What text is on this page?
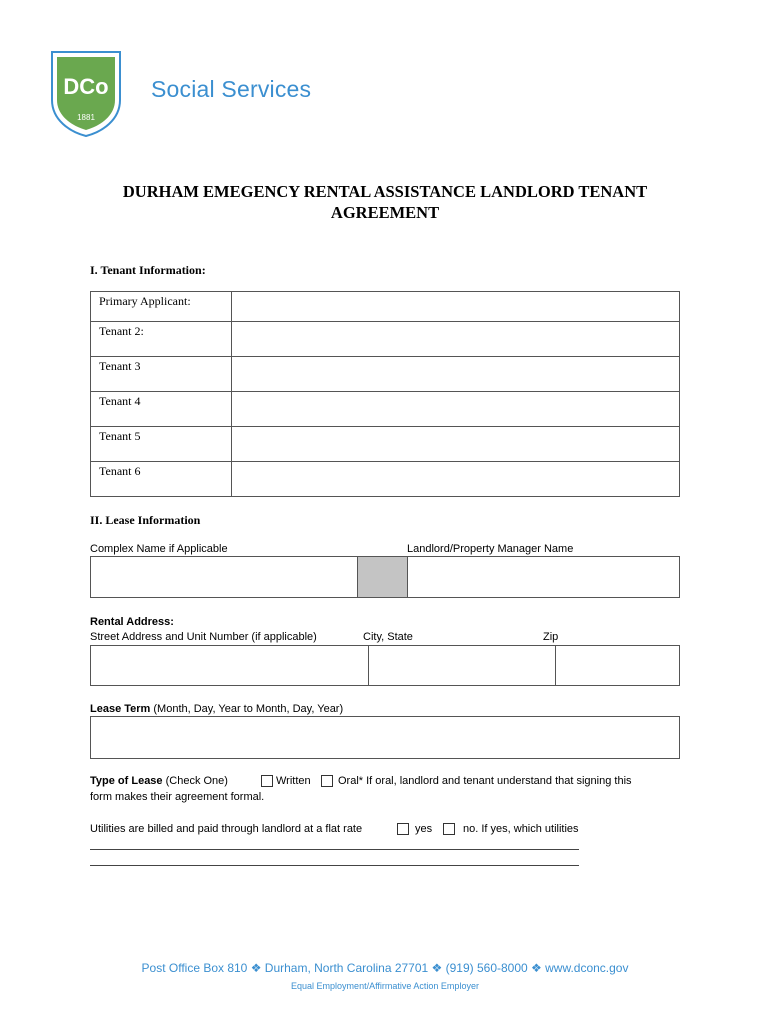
DCo
1881
Social Services
DURHAM EMEGENCY RENTAL ASSISTANCE LANDLORD TENANT
AGREEMENT
I. Tenant Information:
Primary Applicant:	
Tenant 2:	
Tenant 3	
Tenant 4	
Tenant 5	
Tenant 6	
II. Lease Information
Complex Name if Applicable	Landlord/Property Manager Name
Rental Address:
Street Address and Unit Number (if applicable)	City, State	Zip
Lease Term (Month, Day, Year to Month, Day, Year)
Type of Lease (Check One)	Written Oral* If oral, landlord and tenant understand that signing this
form makes their agreement formal.
Utilities are billed and paid through landlord at a flat rate	yes	no. If yes, which utilities
Post Office Box 810 ❖ Durham, North Carolina 27701 ❖ (919) 560-8000 ❖ www.dconc.gov
Equal Employment/Affirmative Action Employer
